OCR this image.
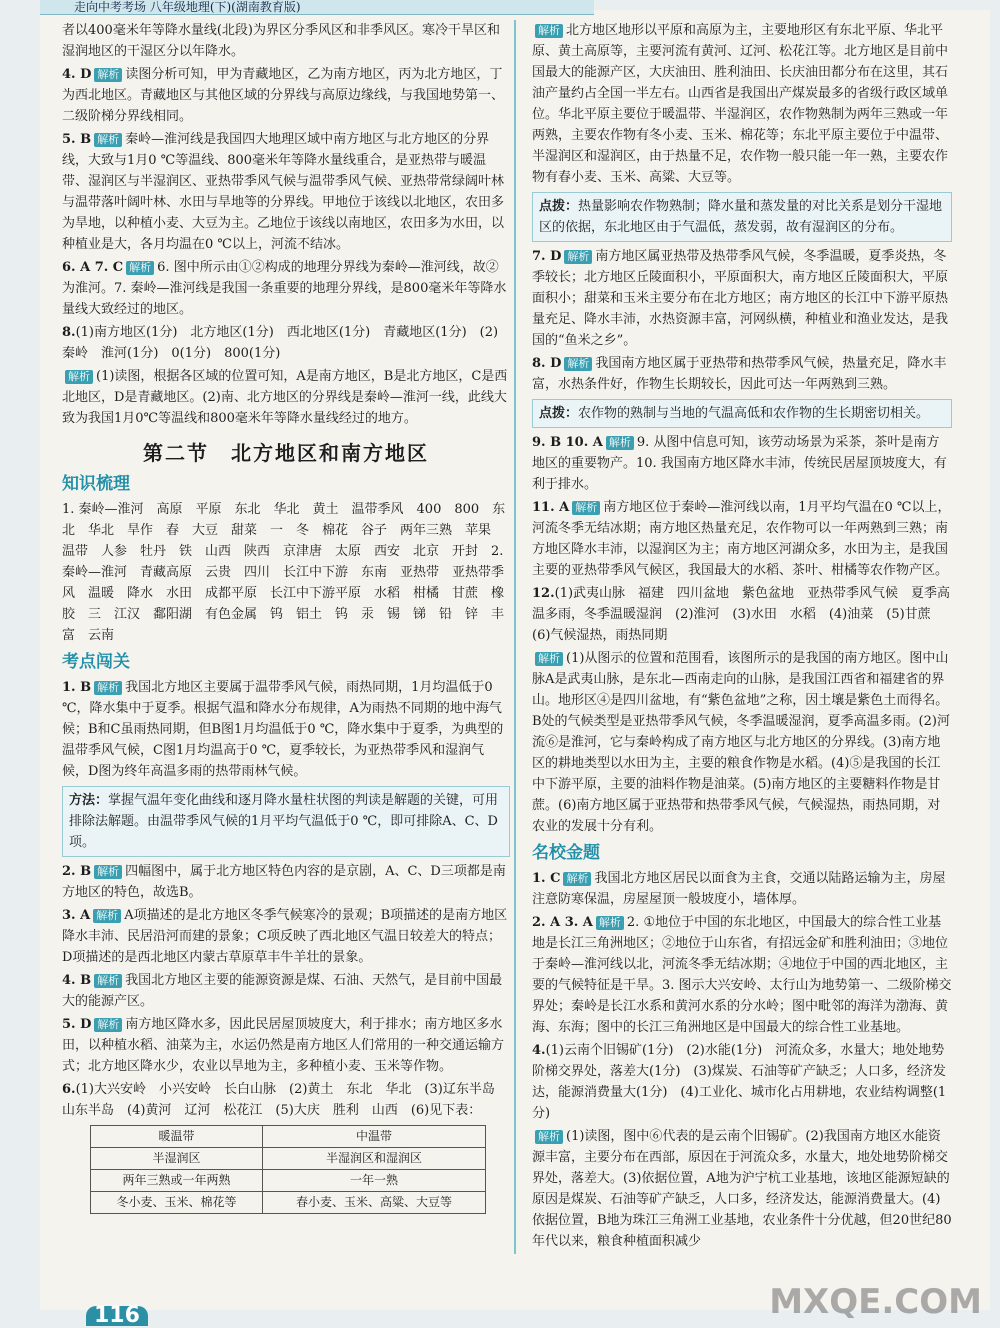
走向中考考场 八年级地理(下)(湖南教育版)

者以400毫米年等降水量线(北段)为界区分季风区和非季风区。寒冷干旱区和湿润地区的干湿区分以年降水。

4. D 解析 读图分析可知，甲为青藏地区，乙为南方地区，丙为北方地区，丁为西北地区。青藏地区与其他区域的分界线与高原边缘线，与我国地势第一、二级阶梯分界线相同。

5. B 解析 秦岭—淮河线是我国四大地理区域中南方地区与北方地区的分界线，大致与1月0 ℃等温线、800毫米年等降水量线重合，是亚热带与暖温带、湿润区与半湿润区、亚热带季风气候与温带季风气候、亚热带常绿阔叶林与温带落叶阔叶林、水田与旱地等的分界线。甲地位于该线以北地区，农田多为旱地，以种植小麦、大豆为主。乙地位于该线以南地区，农田多为水田，以种植业是大，各月均温在0 ℃以上，河流不结冰。

6. A 7. C 解析 6. 图中所示由①②构成的地理分界线为秦岭—淮河线，故②为淮河。7. 秦岭—淮河线是我国一条重要的地理分界线，是800毫米年等降水量线大致经过的地区。

8.(1)南方地区(1分)　北方地区(1分)　西北地区(1分)　青藏地区(1分)　(2)秦岭　淮河(1分)　0(1分)　800(1分)

解析 (1)读图，根据各区域的位置可知，A是南方地区，B是北方地区，C是西北地区，D是青藏地区。(2)南、北方地区的分界线是秦岭—淮河一线，此线大致为我国1月0℃等温线和800毫米年等降水量线经过的地方。

第二节　北方地区和南方地区
知识梳理

1. 秦岭—淮河　高原　平原　东北　华北　黄土　温带季风　400　800　东北　华北　旱作　春　大豆　甜菜　一　冬　棉花　谷子　两年三熟　苹果　温带　人参　牡丹　铁　山西　陕西　京津唐　太原　西安　北京　开封　2. 秦岭—淮河　青藏高原　云贵　四川　长江中下游　东南　亚热带　亚热带季风　温暖　降水　水田　成都平原　长江中下游平原　水稻　柑橘　甘蔗　橡胶　三　江汉　鄱阳湖　有色金属　钨　铝土　钨　汞　锡　锑　铅　锌　丰富　云南

考点闯关

1. B 解析 我国北方地区主要属于温带季风气候，雨热同期，1月均温低于0 ℃，降水集中于夏季。根据气温和降水分布规律，A为雨热不同期的地中海气候；B和C虽雨热同期，但B图1月均温低于0 ℃，降水集中于夏季，为典型的温带季风气候，C图1月均温高于0 ℃，夏季较长，为亚热带季风和湿润气候，D图为终年高温多雨的热带雨林气候。

方法：掌握气温年变化曲线和逐月降水量柱状图的判读是解题的关键，可用排除法解题。由温带季风气候的1月平均气温低于0 ℃，即可排除A、C、D项。

2. B 解析 四幅图中，属于北方地区特色内容的是京剧，A、C、D三项都是南方地区的特色，故选B。

3. A 解析 A项描述的是北方地区冬季气候寒冷的景观；B项描述的是南方地区降水丰沛、民居沿河而建的景象；C项反映了西北地区气温日较差大的特点；D项描述的是西北地区内蒙古草原草丰牛羊壮的景象。

4. B 解析 我国北方地区主要的能源资源是煤、石油、天然气，是目前中国最大的能源产区。

5. D 解析 南方地区降水多，因此民居屋顶坡度大，利于排水；南方地区多水田，以种植水稻、油菜为主，水运仍然是南方地区人们常用的一种交通运输方式；北方地区降水少，农业以旱地为主，多种植小麦、玉米等作物。

6.(1)大兴安岭　小兴安岭　长白山脉　(2)黄土　东北　华北　(3)辽东半岛　山东半岛　(4)黄河　辽河　松花江　(5)大庆　胜利　山西　(6)见下表：

暖温带	中温带
半湿润区	半湿润区和湿润区
两年三熟或一年两熟	一年一熟
冬小麦、玉米、棉花等	春小麦、玉米、高粱、大豆等

解析 北方地区地形以平原和高原为主，主要地形区有东北平原、华北平原、黄土高原等，主要河流有黄河、辽河、松花江等。北方地区是目前中国最大的能源产区，大庆油田、胜利油田、长庆油田都分布在这里，其石油产量约占全国一半左右。山西省是我国出产煤炭最多的省级行政区域单位。华北平原主要位于暖温带、半湿润区，农作物熟制为两年三熟或一年两熟，主要农作物有冬小麦、玉米、棉花等；东北平原主要位于中温带、半湿润区和湿润区，由于热量不足，农作物一般只能一年一熟，主要农作物有春小麦、玉米、高粱、大豆等。

点拨：热量影响农作物熟制；降水量和蒸发量的对比关系是划分干湿地区的依据，东北地区由于气温低，蒸发弱，故有湿润区的分布。

7. D 解析 南方地区属亚热带及热带季风气候，冬季温暖，夏季炎热，冬季较长；北方地区丘陵面积小，平原面积大，南方地区丘陵面积大，平原面积小；甜菜和玉米主要分布在北方地区；南方地区的长江中下游平原热量充足、降水丰沛，水热资源丰富，河网纵横，种植业和渔业发达，是我国的“鱼米之乡”。

8. D 解析 我国南方地区属于亚热带和热带季风气候，热量充足，降水丰富，水热条件好，作物生长期较长，因此可达一年两熟到三熟。

点拨：农作物的熟制与当地的气温高低和农作物的生长期密切相关。

9. B 10. A 解析 9. 从图中信息可知，该劳动场景为采茶，茶叶是南方地区的重要物产。10. 我国南方地区降水丰沛，传统民居屋顶坡度大，有利于排水。

11. A 解析 南方地区位于秦岭—淮河线以南，1月平均气温在0 ℃以上，河流冬季无结冰期；南方地区热量充足，农作物可以一年两熟到三熟；南方地区降水丰沛，以湿润区为主；南方地区河湖众多，水田为主，是我国主要的亚热带季风气候区，我国最大的水稻、茶叶、柑橘等农作物产区。

12.(1)武夷山脉　福建　四川盆地　紫色盆地　亚热带季风气候　夏季高温多雨，冬季温暖湿润　(2)淮河　(3)水田　水稻　(4)油菜　(5)甘蔗　(6)气候湿热，雨热同期

解析 (1)从图示的位置和范围看，该图所示的是我国的南方地区。图中山脉A是武夷山脉，是东北—西南走向的山脉，是我国江西省和福建省的界山。地形区④是四川盆地，有“紫色盆地”之称，因土壤是紫色土而得名。B处的气候类型是亚热带季风气候，冬季温暖湿润，夏季高温多雨。(2)河流⑥是淮河，它与秦岭构成了南方地区与北方地区的分界线。(3)南方地区的耕地类型以水田为主，主要的粮食作物是水稻。(4)⑤是我国的长江中下游平原，主要的油料作物是油菜。(5)南方地区的主要糖料作物是甘蔗。(6)南方地区属于亚热带和热带季风气候，气候湿热，雨热同期，对农业的发展十分有利。

名校金题

1. C 解析 我国北方地区居民以面食为主食，交通以陆路运输为主，房屋注意防寒保温，房屋屋顶一般坡度小，墙体厚。

2. A 3. A 解析 2. ①地位于中国的东北地区，中国最大的综合性工业基地是长江三角洲地区；②地位于山东省，有招远金矿和胜利油田；③地位于秦岭—淮河线以北，河流冬季无结冰期；④地位于中国的西北地区，主要的气候特征是干旱。3. 图示大兴安岭、太行山为地势第一、二级阶梯交界处；秦岭是长江水系和黄河水系的分水岭；图中毗邻的海洋为渤海、黄海、东海；图中的长江三角洲地区是中国最大的综合性工业基地。

4.(1)云南个旧锡矿(1分)　(2)水能(1分)　河流众多，水量大；地处地势阶梯交界处，落差大(1分)　(3)煤炭、石油等矿产缺乏；人口多，经济发达，能源消费量大(1分)　(4)工业化、城市化占用耕地，农业结构调整(1分)

解析 (1)读图，图中⑥代表的是云南个旧锡矿。(2)我国南方地区水能资源丰富，主要分布在西部，原因在于河流众多，水量大，地处地势阶梯交界处，落差大。(3)依据位置，A地为沪宁杭工业基地，该地区能源短缺的原因是煤炭、石油等矿产缺乏，人口多，经济发达，能源消费量大。(4)依据位置，B地为珠江三角洲工业基地，农业条件十分优越，但20世纪80年代以来，粮食种植面积减少

116	MXQE.COM
